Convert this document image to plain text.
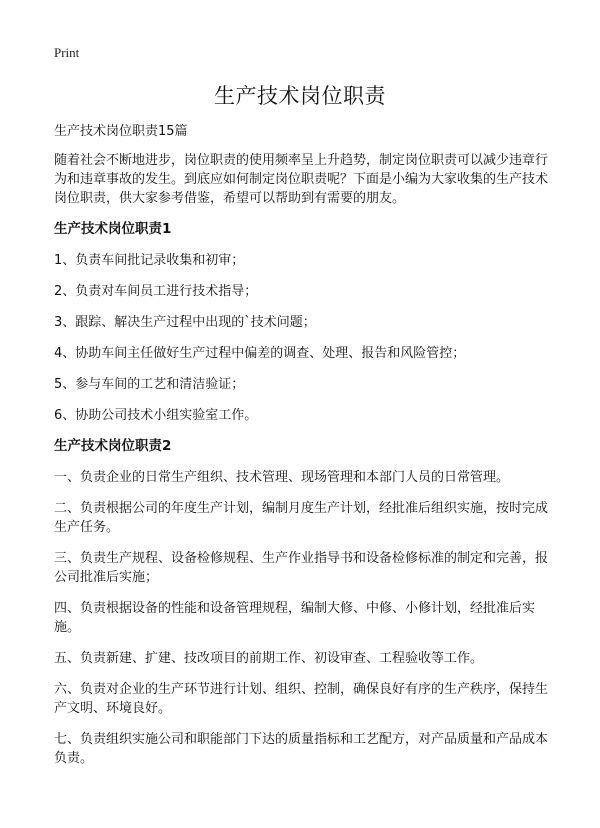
Print
生产技术岗位职责

生产技术岗位职责15篇

随着社会不断地进步，岗位职责的使用频率呈上升趋势，制定岗位职责可以减少违章行为和违章事故的发生。到底应如何制定岗位职责呢？下面是小编为大家收集的生产技术岗位职责，供大家参考借鉴，希望可以帮助到有需要的朋友。

生产技术岗位职责1

1、负责车间批记录收集和初审；

2、负责对车间员工进行技术指导；

3、跟踪、解决生产过程中出现的`技术问题；

4、协助车间主任做好生产过程中偏差的调查、处理、报告和风险管控；

5、参与车间的工艺和清洁验证；

6、协助公司技术小组实验室工作。

生产技术岗位职责2

一、负责企业的日常生产组织、技术管理、现场管理和本部门人员的日常管理。

二、负责根据公司的年度生产计划，编制月度生产计划，经批准后组织实施，按时完成生产任务。

三、负责生产规程、设备检修规程、生产作业指导书和设备检修标准的制定和完善，报公司批准后实施；

四、负责根据设备的性能和设备管理规程，编制大修、中修、小修计划，经批准后实施。

五、负责新建、扩建、技改项目的前期工作、初设审查、工程验收等工作。

六、负责对企业的生产环节进行计划、组织、控制，确保良好有序的生产秩序，保持生产文明、环境良好。

七、负责组织实施公司和职能部门下达的质量指标和工艺配方，对产品质量和产品成本负责。
